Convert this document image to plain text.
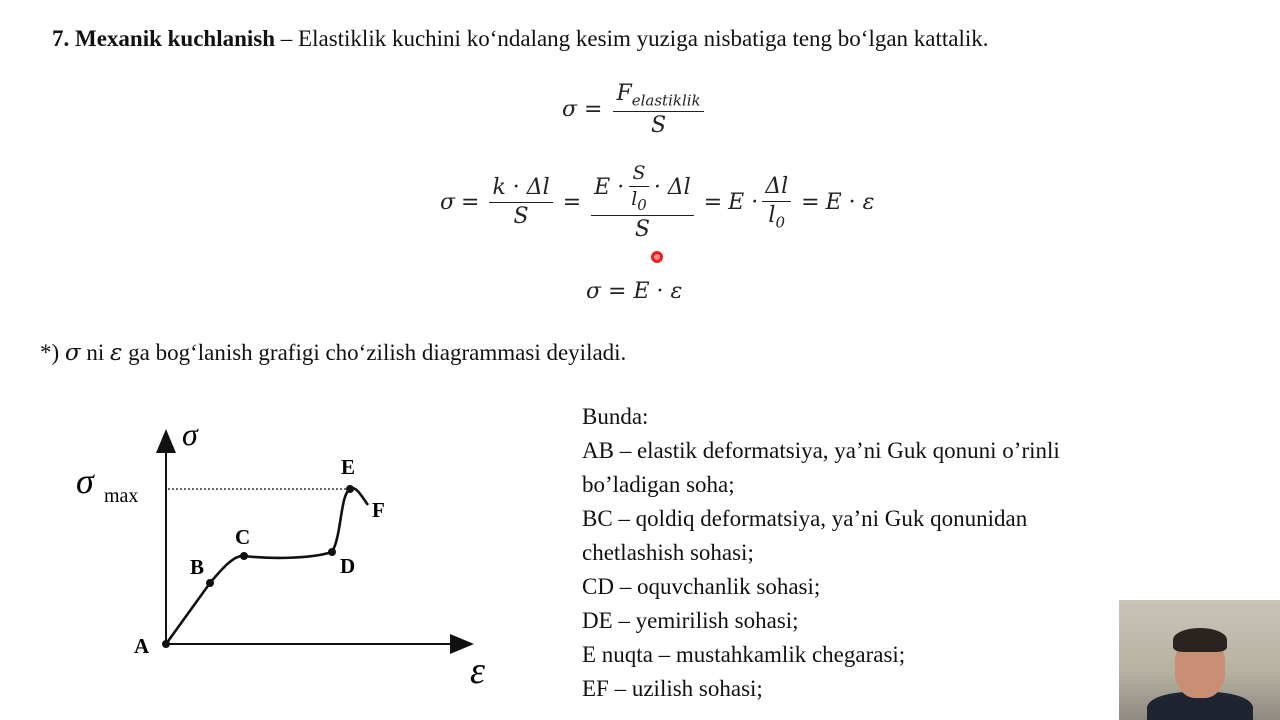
7. Mexanik kuchlanish – Elastiklik kuchini ko‘ndalang kesim yuziga nisbatiga teng bo‘lgan kattalik.
$\sigma = \frac{F_{elastiklik}}{S}$
$\sigma = \frac{k \cdot \Delta l}{S} = \frac{E \cdot \frac{S}{l_0} \cdot \Delta l}{S} = E \cdot \frac{\Delta l}{l_0} = E \cdot \varepsilon$
σ = E · ε
*) σ ni ε ga bog‘lanish grafigi cho‘zilish diagrammasi deyiladi.
σ
ε
σ max
A
B
C
D
E
F
Bunda:
AB – elastik deformatsiya, ya’ni Guk qonuni o’rinli
bo’ladigan soha;
BC – qoldiq deformatsiya, ya’ni Guk qonunidan
chetlashish sohasi;
CD – oquvchanlik sohasi;
DE – yemirilish sohasi;
E nuqta – mustahkamlik chegarasi;
EF – uzilish sohasi;
